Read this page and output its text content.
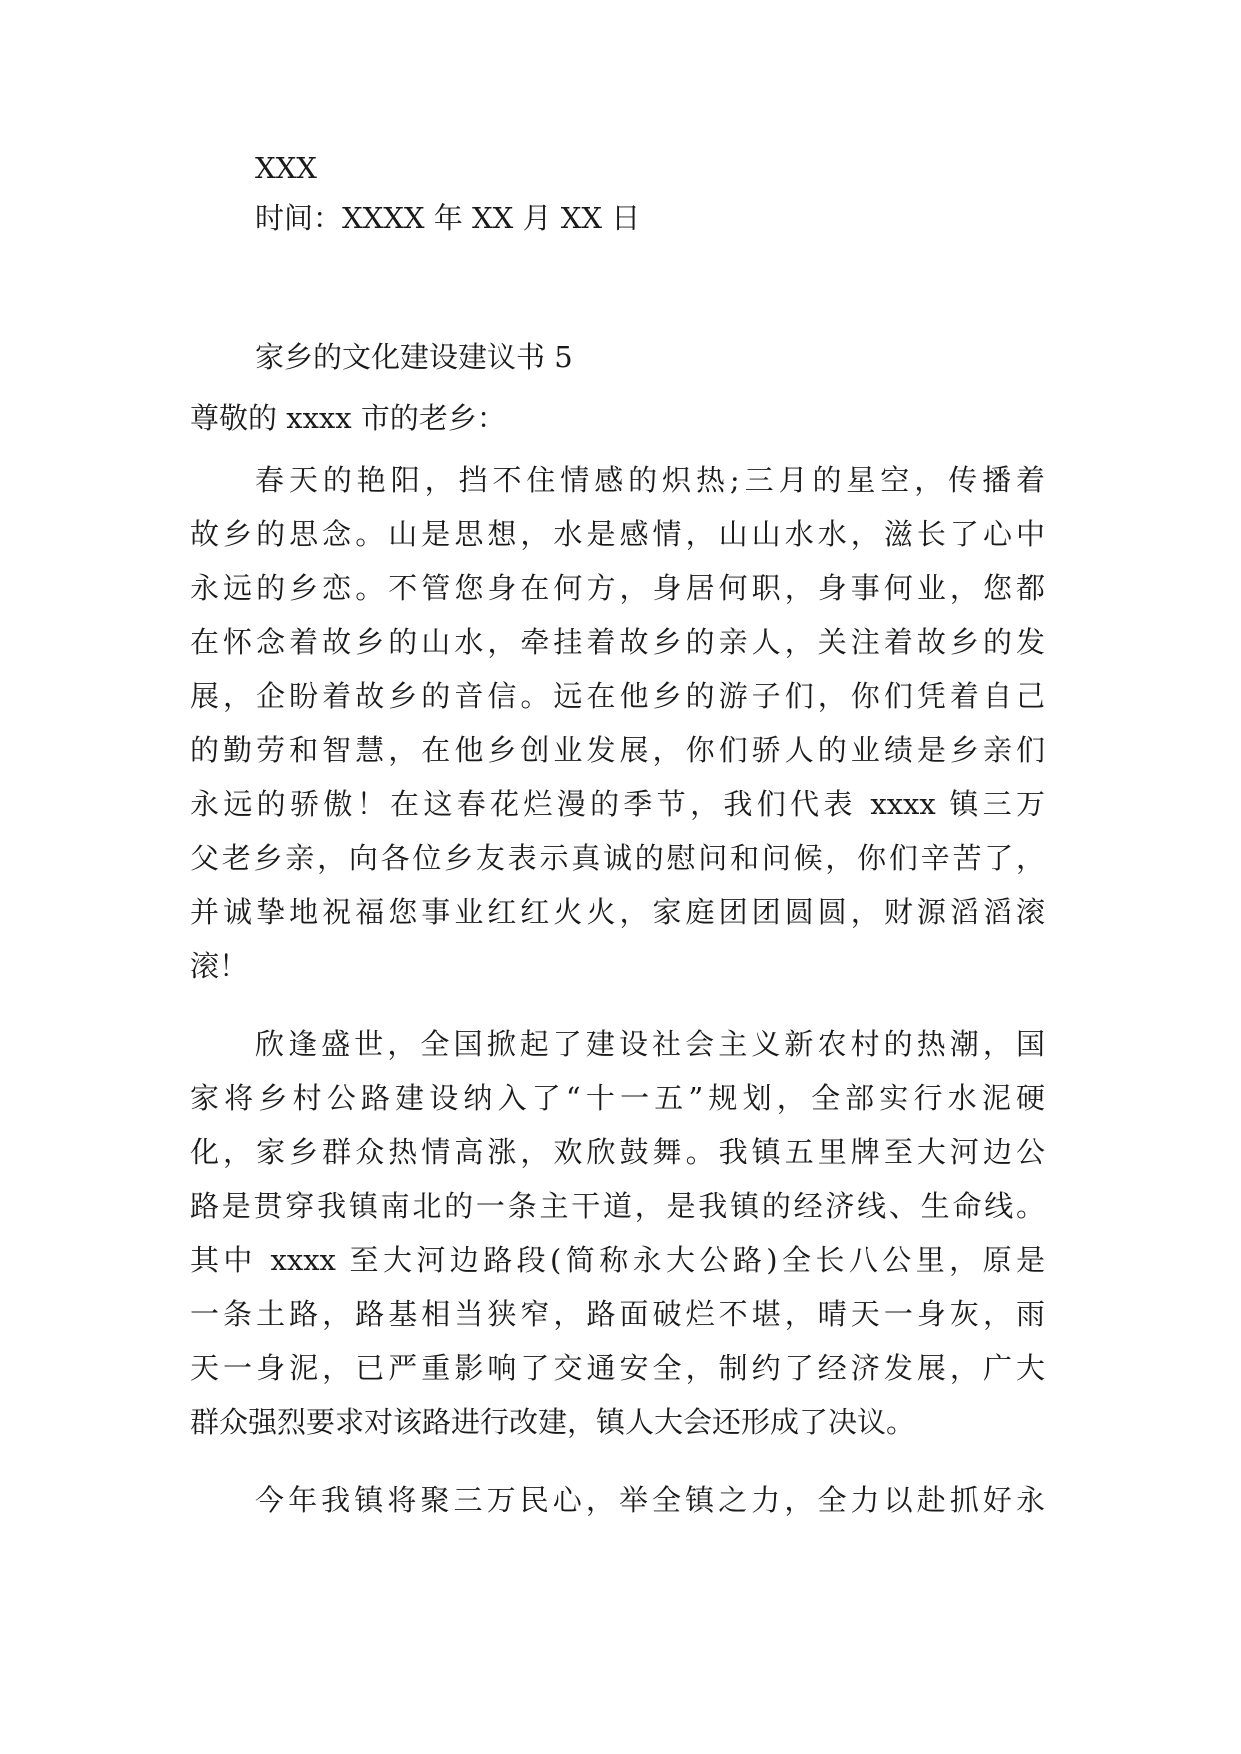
XXX
时间：XXXX 年 XX 月 XX 日
家乡的文化建设建议书 5
尊敬的 xxxx 市的老乡：
春天的艳阳，挡不住情感的炽热;三月的星空，传播着
故乡的思念。山是思想，水是感情，山山水水，滋长了心中
永远的乡恋。不管您身在何方，身居何职，身事何业，您都
在怀念着故乡的山水，牵挂着故乡的亲人，关注着故乡的发
展，企盼着故乡的音信。远在他乡的游子们，你们凭着自己
的勤劳和智慧，在他乡创业发展，你们骄人的业绩是乡亲们
永远的骄傲！在这春花烂漫的季节，我们代表 xxxx 镇三万
父老乡亲，向各位乡友表示真诚的慰问和问候，你们辛苦了，
并诚挚地祝福您事业红红火火，家庭团团圆圆，财源滔滔滚
滚！
欣逢盛世，全国掀起了建设社会主义新农村的热潮，国
家将乡村公路建设纳入了“十一五”规划，全部实行水泥硬
化，家乡群众热情高涨，欢欣鼓舞。我镇五里牌至大河边公
路是贯穿我镇南北的一条主干道，是我镇的经济线、生命线。
其中 xxxx 至大河边路段(简称永大公路)全长八公里，原是
一条土路，路基相当狭窄，路面破烂不堪，晴天一身灰，雨
天一身泥，已严重影响了交通安全，制约了经济发展，广大
群众强烈要求对该路进行改建，镇人大会还形成了决议。
今年我镇将聚三万民心，举全镇之力，全力以赴抓好永
